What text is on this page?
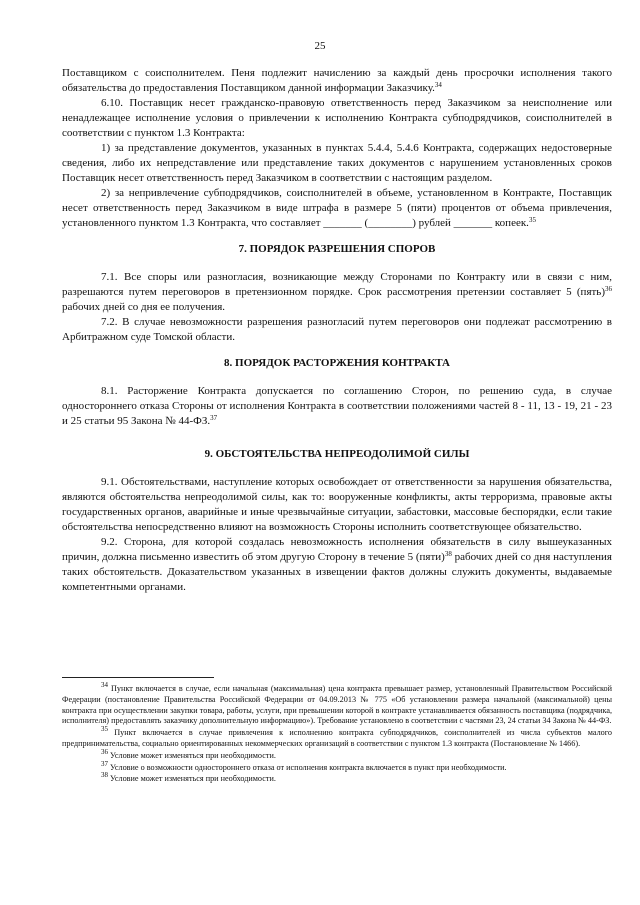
25

Поставщиком с соисполнителем. Пеня подлежит начислению за каждый день просрочки исполнения такого обязательства до предоставления Поставщиком данной информации Заказчику.$^{34}$

6.10. Поставщик несет гражданско-правовую ответственность перед Заказчиком за неисполнение или ненадлежащее исполнение условия о привлечении к исполнению Контракта субподрядчиков, соисполнителей в соответствии с пунктом 1.3 Контракта:

1) за представление документов, указанных в пунктах 5.4.4, 5.4.6 Контракта, содержащих недостоверные сведения, либо их непредставление или представление таких документов с нарушением установленных сроков Поставщик несет ответственность перед Заказчиком в соответствии с настоящим разделом.

2) за непривлечение субподрядчиков, соисполнителей в объеме, установленном в Контракте, Поставщик несет ответственность перед Заказчиком в виде штрафа в размере 5 (пяти) процентов от объема привлечения, установленного пунктом 1.3 Контракта, что составляет _______ (________) рублей _______ копеек.$^{35}$

7. ПОРЯДОК РАЗРЕШЕНИЯ СПОРОВ

7.1. Все споры или разногласия, возникающие между Сторонами по Контракту или в связи с ним, разрешаются путем переговоров в претензионном порядке. Срок рассмотрения претензии составляет 5 (пять)$^{36}$ рабочих дней со дня ее получения.

7.2. В случае невозможности разрешения разногласий путем переговоров они подлежат рассмотрению в Арбитражном суде Томской области.

8. ПОРЯДОК РАСТОРЖЕНИЯ КОНТРАКТА

8.1. Расторжение Контракта допускается по соглашению Сторон, по решению суда, в случае одностороннего отказа Стороны от исполнения Контракта в соответствии положениями частей 8 - 11, 13 - 19, 21 - 23 и 25 статьи 95 Закона № 44-ФЗ.$^{37}$

9. ОБСТОЯТЕЛЬСТВА НЕПРЕОДОЛИМОЙ СИЛЫ

9.1. Обстоятельствами, наступление которых освобождает от ответственности за нарушения обязательства, являются обстоятельства непреодолимой силы, как то: вооруженные конфликты, акты терроризма, правовые акты государственных органов, аварийные и иные чрезвычайные ситуации, забастовки, массовые беспорядки, если такие обстоятельства непосредственно влияют на возможность Стороны исполнить соответствующее обязательство.

9.2. Сторона, для которой создалась невозможность исполнения обязательств в силу вышеуказанных причин, должна письменно известить об этом другую Сторону в течение 5 (пяти)$^{38}$ рабочих дней со дня наступления таких обстоятельств. Доказательством указанных в извещении фактов должны служить документы, выдаваемые компетентными органами.

$^{34}$ Пункт включается в случае, если начальная (максимальная) цена контракта превышает размер, установленный Правительством Российской Федерации (постановление Правительства Российской Федерации от 04.09.2013 № 775 «Об установлении размера начальной (максимальной) цены контракта при осуществлении закупки товара, работы, услуги, при превышении которой в контракте устанавливается обязанность поставщика (подрядчика, исполнителя) предоставлять заказчику дополнительную информацию»). Требование установлено в соответствии с частями 23, 24 статьи 34 Закона № 44-ФЗ.

$^{35}$ Пункт включается в случае привлечения к исполнению контракта субподрядчиков, соисполнителей из числа субъектов малого предпринимательства, социально ориентированных некоммерческих организаций в соответствии с пунктом 1.3 контракта (Постановление № 1466).

$^{36}$ Условие может изменяться при необходимости.

$^{37}$ Условие о возможности одностороннего отказа от исполнения контракта включается в пункт при необходимости.

$^{38}$ Условие может изменяться при необходимости.
